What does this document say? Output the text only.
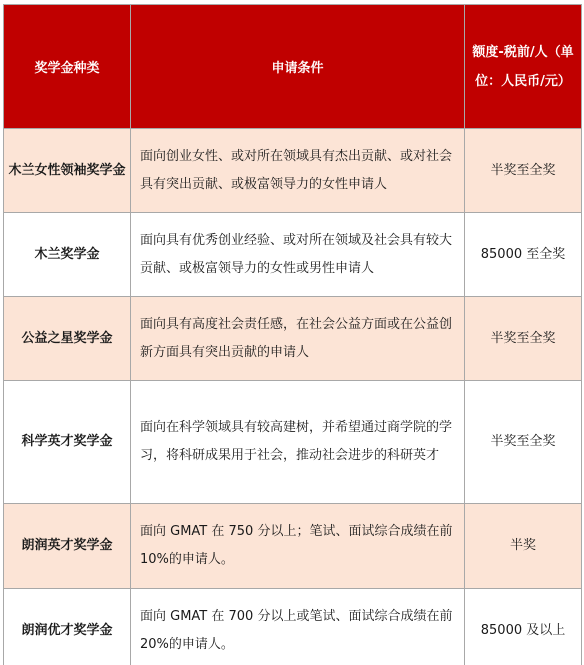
奖学金种类	申请条件	额度-税前/人（单位：人民币/元）
木兰女性领袖奖学金	面向创业女性、或对所在领域具有杰出贡献、或对社会具有突出贡献、或极富领导力的女性申请人	半奖至全奖
木兰奖学金	面向具有优秀创业经验、或对所在领域及社会具有较大贡献、或极富领导力的女性或男性申请人	85000 至全奖
公益之星奖学金	面向具有高度社会责任感，在社会公益方面或在公益创新方面具有突出贡献的申请人	半奖至全奖
科学英才奖学金	面向在科学领域具有较高建树，并希望通过商学院的学习，将科研成果用于社会，推动社会进步的科研英才	半奖至全奖
朗润英才奖学金	面向 GMAT 在 750 分以上；笔试、面试综合成绩在前 10%的申请人。	半奖
朗润优才奖学金	面向 GMAT 在 700 分以上或笔试、面试综合成绩在前 20%的申请人。	85000 及以上
